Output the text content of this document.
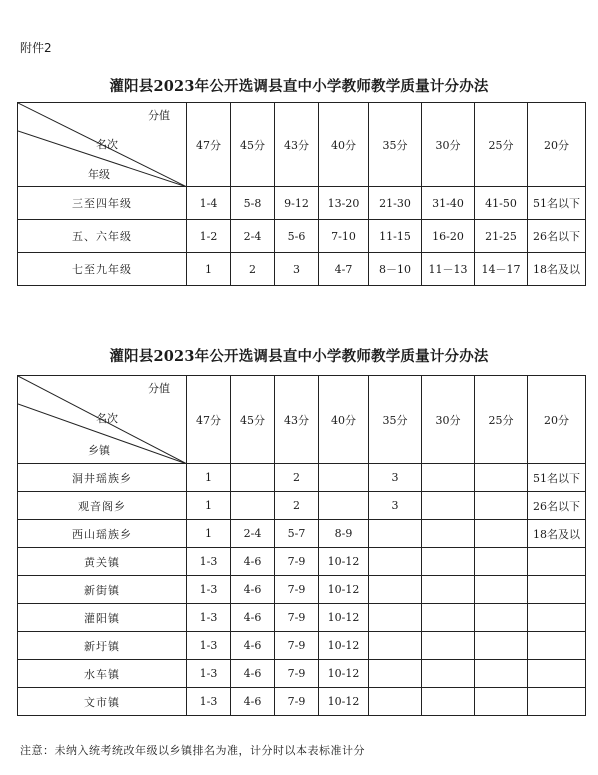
附件2
灌阳县2023年公开选调县直中小学教师教学质量计分办法
分值
名次
年级	47分	45分	43分	40分	35分	30分	25分	20分
三至四年级	1-4	5-8	9-12	13-20	21-30	31-40	41-50	51名以下
五、六年级	1-2	2-4	5-6	7-10	11-15	16-20	21-25	26名以下
七至九年级	1	2	3	4-7	8－10	11－13	14－17	18名及以
灌阳县2023年公开选调县直中小学教师教学质量计分办法
分值
名次
乡镇	47分	45分	43分	40分	35分	30分	25分	20分
洞井瑶族乡	1		2		3			51名以下
观音阁乡	1		2		3			26名以下
西山瑶族乡	1	2-4	5-7	8-9				18名及以
黄关镇	1-3	4-6	7-9	10-12				
新街镇	1-3	4-6	7-9	10-12				
灌阳镇	1-3	4-6	7-9	10-12				
新圩镇	1-3	4-6	7-9	10-12				
水车镇	1-3	4-6	7-9	10-12				
文市镇	1-3	4-6	7-9	10-12				
注意：未纳入统考统改年级以乡镇排名为准，计分时以本表标准计分
